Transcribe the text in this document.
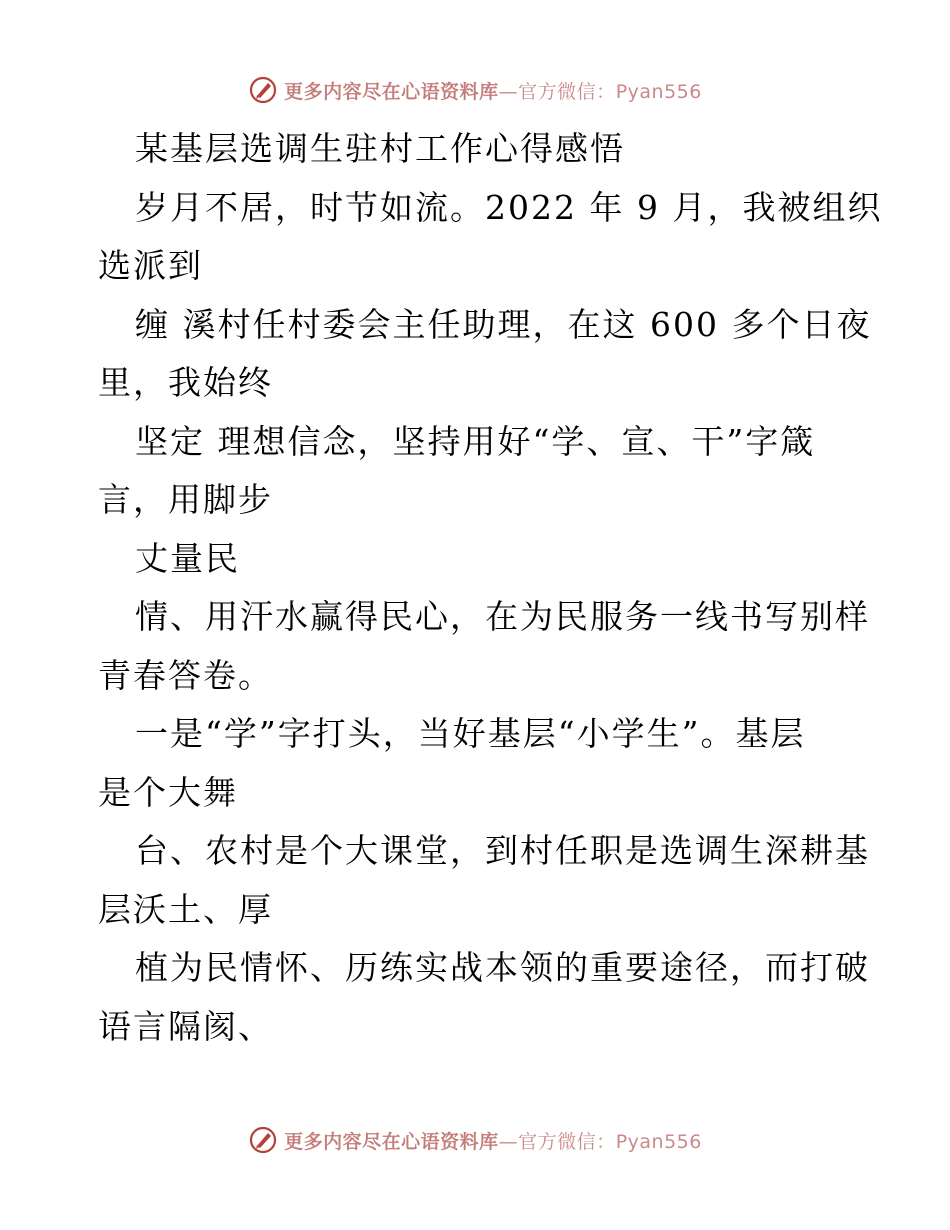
更多内容尽在心语资料库—官方微信：Pyan556
某基层选调生驻村工作心得感悟
岁月不居，时节如流。2022 年 9 月，我被组织
选派到
缠 溪村任村委会主任助理，在这 600 多个日夜
里，我始终
坚定 理想信念，坚持用好“学、宣、干”字箴
言，用脚步
丈量民
情、用汗水赢得民心，在为民服务一线书写别样
青春答卷。
一是“学”字打头，当好基层“小学生”。基层
是个大舞
台、农村是个大课堂，到村任职是选调生深耕基
层沃土、厚
植为民情怀、历练实战本领的重要途径，而打破
语言隔阂、
更多内容尽在心语资料库—官方微信：Pyan556
